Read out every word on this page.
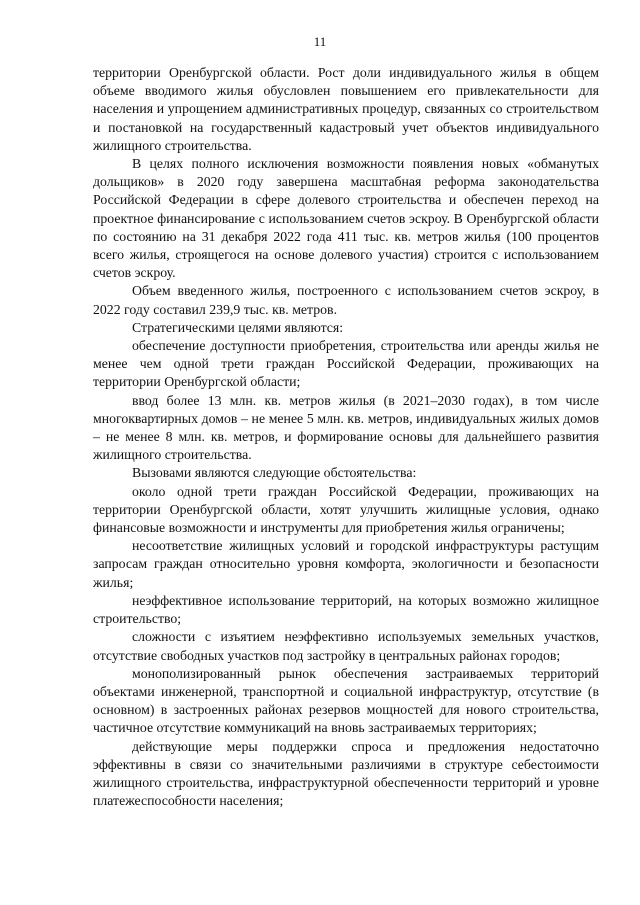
11

территории Оренбургской области. Рост доли индивидуального жилья в общем объеме вводимого жилья обусловлен повышением его привлекательности для населения и упрощением административных процедур, связанных со строительством и постановкой на государственный кадастровый учет объектов индивидуального жилищного строительства.

В целях полного исключения возможности появления новых «обманутых дольщиков» в 2020 году завершена масштабная реформа законодательства Российской Федерации в сфере долевого строительства и обеспечен переход на проектное финансирование с использованием счетов эскроу. В Оренбургской области по состоянию на 31 декабря 2022 года 411 тыс. кв. метров жилья (100 процентов всего жилья, строящегося на основе долевого участия) строится с использованием счетов эскроу.

Объем введенного жилья, построенного с использованием счетов эскроу, в 2022 году составил 239,9 тыс. кв. метров.

Стратегическими целями являются:

обеспечение доступности приобретения, строительства или аренды жилья не менее чем одной трети граждан Российской Федерации, проживающих на территории Оренбургской области;

ввод более 13 млн. кв. метров жилья (в 2021–2030 годах), в том числе многоквартирных домов – не менее 5 млн. кв. метров, индивидуальных жилых домов – не менее 8 млн. кв. метров, и формирование основы для дальнейшего развития жилищного строительства.

Вызовами являются следующие обстоятельства:

около одной трети граждан Российской Федерации, проживающих на территории Оренбургской области, хотят улучшить жилищные условия, однако финансовые возможности и инструменты для приобретения жилья ограничены;

несоответствие жилищных условий и городской инфраструктуры растущим запросам граждан относительно уровня комфорта, экологичности и безопасности жилья;

неэффективное использование территорий, на которых возможно жилищное строительство;

сложности с изъятием неэффективно используемых земельных участков, отсутствие свободных участков под застройку в центральных районах городов;

монополизированный рынок обеспечения застраиваемых территорий объектами инженерной, транспортной и социальной инфраструктур, отсутствие (в основном) в застроенных районах резервов мощностей для нового строительства, частичное отсутствие коммуникаций на вновь застраиваемых территориях;

действующие меры поддержки спроса и предложения недостаточно эффективны в связи со значительными различиями в структуре себестоимости жилищного строительства, инфраструктурной обеспеченности территорий и уровне платежеспособности населения;
